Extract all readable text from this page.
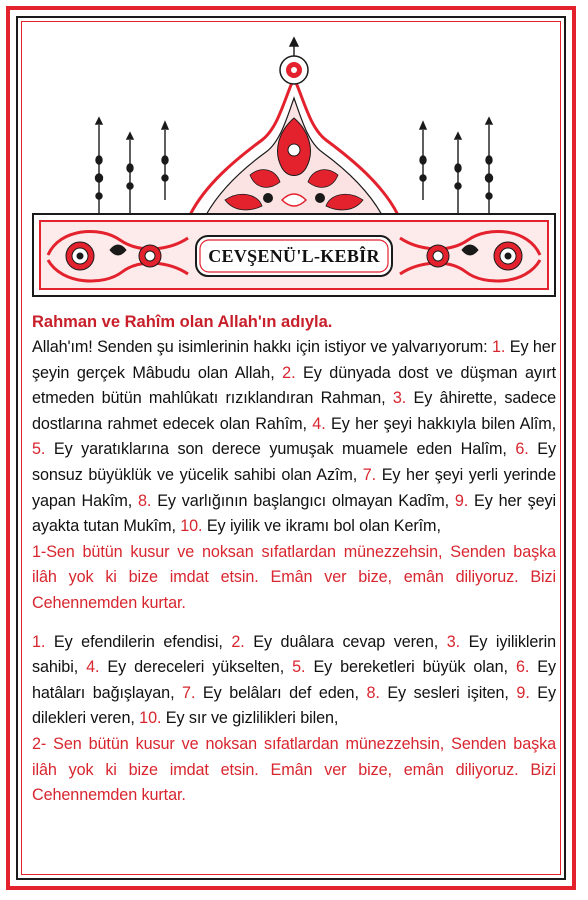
CEVŞENÜ'L-KEBÎR

Rahman ve Rahîm olan Allah'ın adıyla.

Allah'ım! Senden şu isimlerinin hakkı için istiyor ve yalvarıyorum: 1. Ey her şeyin gerçek Mâbudu olan Allah, 2. Ey dünyada dost ve düşman ayırt etmeden bütün mahlûkatı rızıklandıran Rahman, 3. Ey âhirette, sadece dostlarına rahmet edecek olan Rahîm, 4. Ey her şeyi hakkıyla bilen Alîm, 5. Ey yaratıklarına son derece yumuşak muamele eden Halîm, 6. Ey sonsuz büyüklük ve yücelik sahibi olan Azîm, 7. Ey her şeyi yerli yerinde yapan Hakîm, 8. Ey varlığının başlangıcı olmayan Kadîm, 9. Ey her şeyi ayakta tutan Mukîm, 10. Ey iyilik ve ikramı bol olan Kerîm,

1-Sen bütün kusur ve noksan sıfatlardan münezzehsin, Senden başka ilâh yok ki bize imdat etsin. Emân ver bize, emân diliyoruz. Bizi Cehennemden kurtar.

1. Ey efendilerin efendisi, 2. Ey duâlara cevap veren, 3. Ey iyiliklerin sahibi, 4. Ey dereceleri yükselten, 5. Ey bereketleri büyük olan, 6. Ey hatâları bağışlayan, 7. Ey belâları def eden, 8. Ey sesleri işiten, 9. Ey dilekleri veren, 10. Ey sır ve gizlilikleri bilen,

2- Sen bütün kusur ve noksan sıfatlardan münezzehsin, Senden başka ilâh yok ki bize imdat etsin. Emân ver bize, emân diliyoruz. Bizi Cehennemden kurtar.
